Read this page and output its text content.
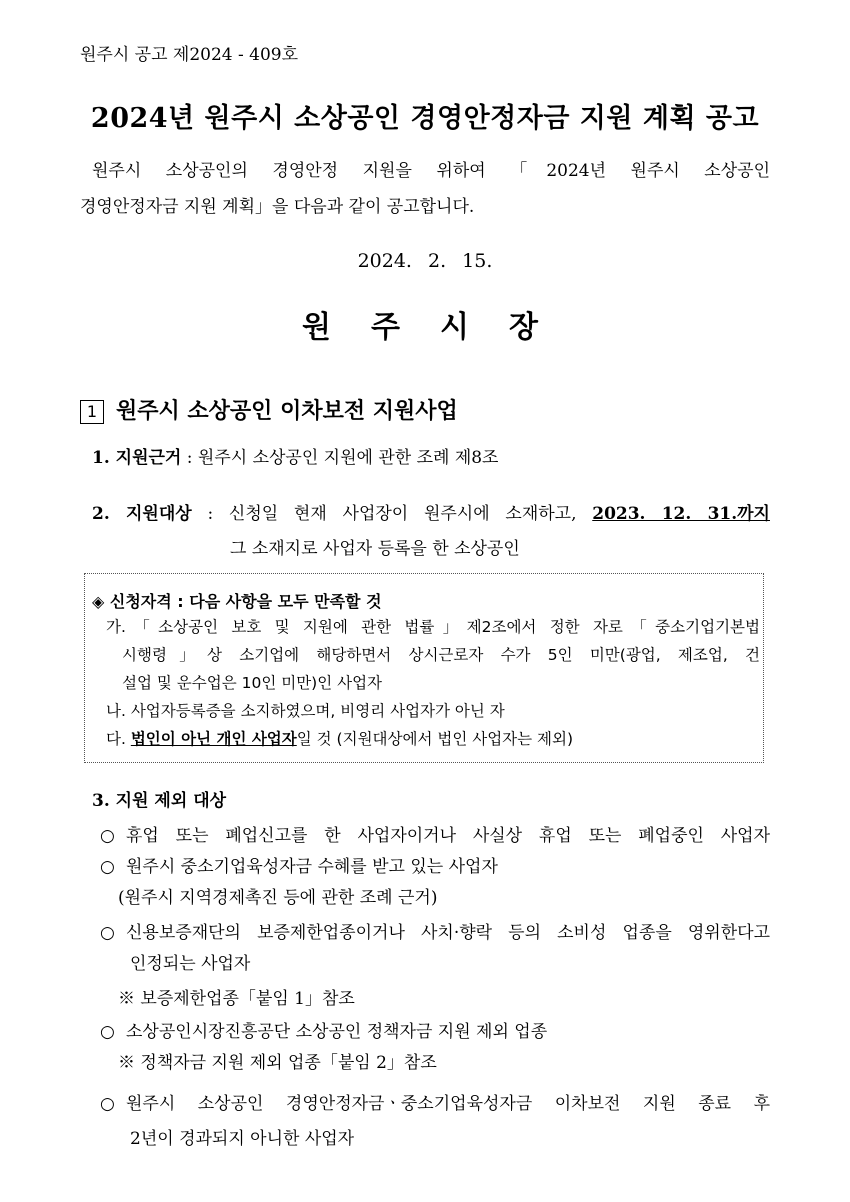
원주시 공고 제2024 - 409호
2024년 원주시 소상공인 경영안정자금 지원 계획 공고
원주시 소상공인의 경영안정 지원을 위하여 「2024년 원주시 소상공인
경영안정자금 지원 계획」을 다음과 같이 공고합니다.
2024. 2. 15.
원주시장
1 원주시 소상공인 이차보전 지원사업
1. 지원근거 : 원주시 소상공인 지원에 관한 조례 제8조
2. 지원대상 : 신청일 현재 사업장이 원주시에 소재하고, 2023. 12. 31.까지
그 소재지로 사업자 등록을 한 소상공인
◈ 신청자격 : 다음 사항을 모두 만족할 것
가.「소상공인 보호 및 지원에 관한 법률」제2조에서 정한 자로「중소기업기본법
시행령」상 소기업에 해당하면서 상시근로자 수가 5인 미만(광업, 제조업, 건
설업 및 운수업은 10인 미만)인 사업자
나. 사업자등록증을 소지하였으며, 비영리 사업자가 아닌 자
다. 법인이 아닌 개인 사업자일 것 (지원대상에서 법인 사업자는 제외)
3. 지원 제외 대상
○ 휴업 또는 폐업신고를 한 사업자이거나 사실상 휴업 또는 폐업중인 사업자
○ 원주시 중소기업육성자금 수혜를 받고 있는 사업자
(원주시 지역경제촉진 등에 관한 조례 근거)
○ 신용보증재단의 보증제한업종이거나 사치·향락 등의 소비성 업종을 영위한다고
인정되는 사업자
※ 보증제한업종「붙임 1」참조
○ 소상공인시장진흥공단 소상공인 정책자금 지원 제외 업종
※ 정책자금 지원 제외 업종「붙임 2」참조
○ 원주시 소상공인 경영안정자금ㆍ중소기업육성자금 이차보전 지원 종료 후
2년이 경과되지 아니한 사업자
